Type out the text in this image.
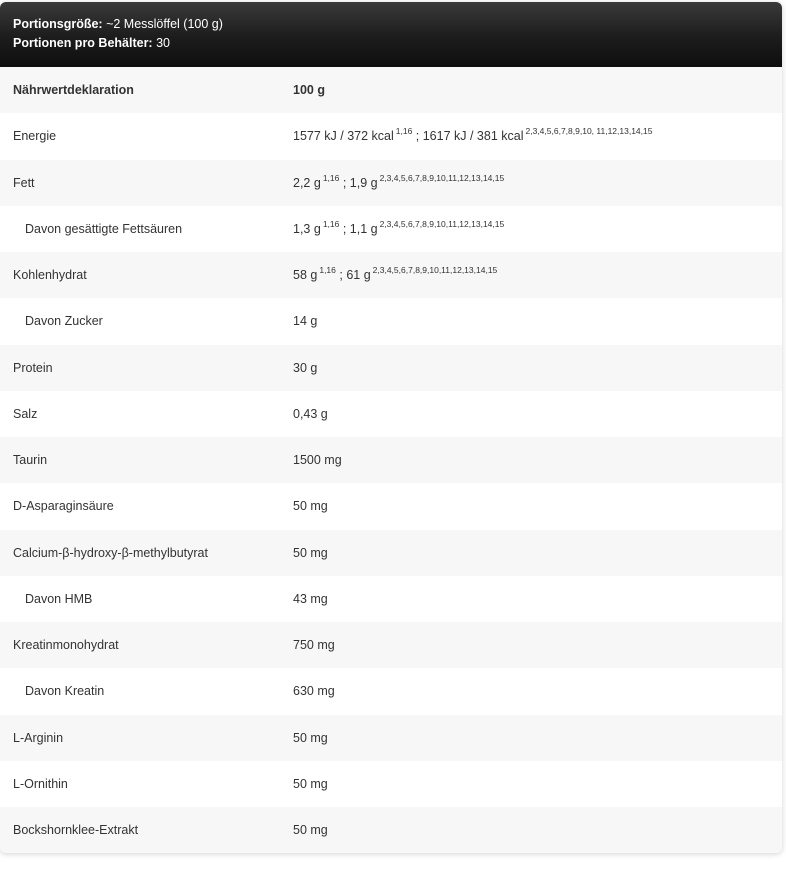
Portionsgröße: ~2 Messlöffel (100 g)
Portionen pro Behälter: 30
Nährwertdeklaration	100 g
Energie	1577 kJ / 372 kcal $^{1,16}$ ; 1617 kJ / 381 kcal $^{2,3,4,5,6,7,8,9,10, 11,12,13,14,15}$
Fett	2,2 g $^{1,16}$ ; 1,9 g $^{2,3,4,5,6,7,8,9,10,11,12,13,14,15}$
Davon gesättigte Fettsäuren	1,3 g $^{1,16}$ ; 1,1 g $^{2,3,4,5,6,7,8,9,10,11,12,13,14,15}$
Kohlenhydrat	58 g $^{1,16}$ ; 61 g $^{2,3,4,5,6,7,8,9,10,11,12,13,14,15}$
Davon Zucker	14 g
Protein	30 g
Salz	0,43 g
Taurin	1500 mg
D-Asparaginsäure	50 mg
Calcium-β-hydroxy-β-methylbutyrat	50 mg
Davon HMB	43 mg
Kreatinmonohydrat	750 mg
Davon Kreatin	630 mg
L-Arginin	50 mg
L-Ornithin	50 mg
Bockshornklee-Extrakt	50 mg
